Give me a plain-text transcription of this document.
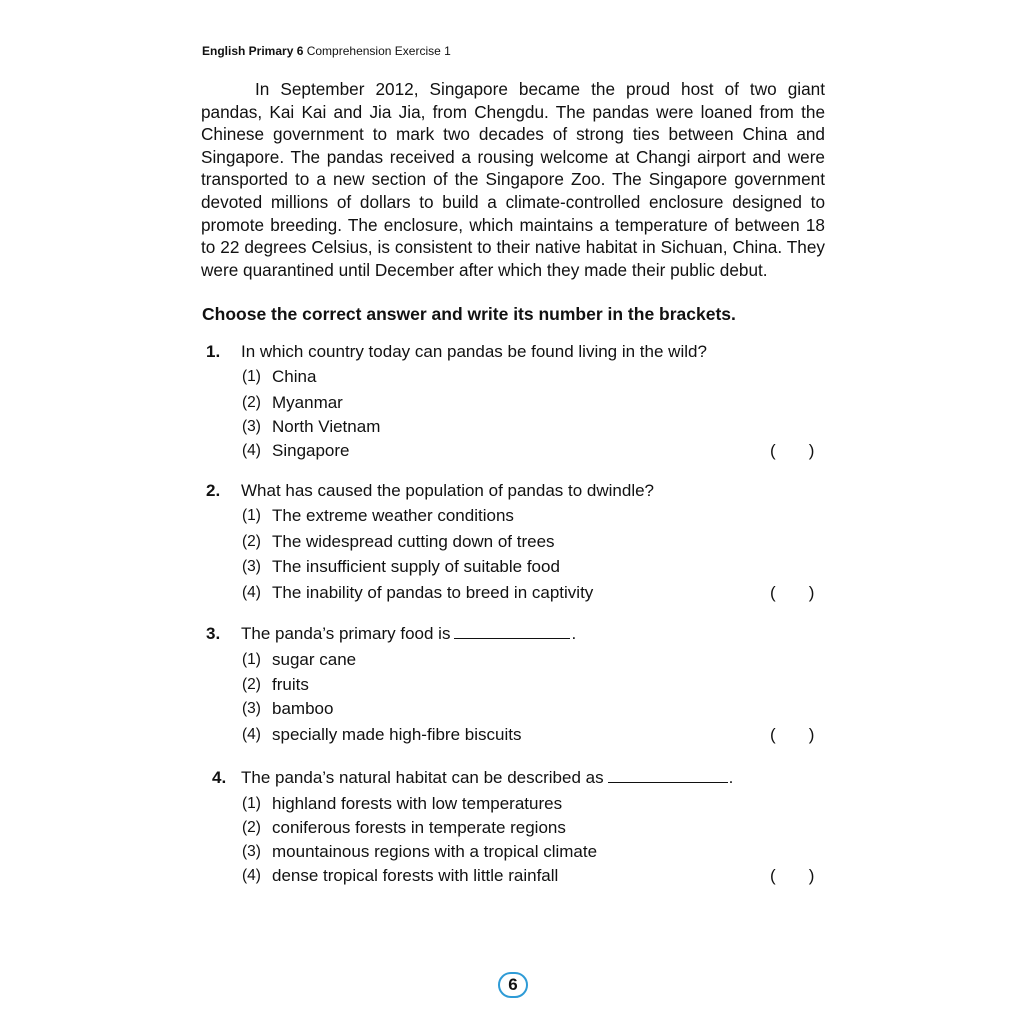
English Primary 6 Comprehension Exercise 1

In September 2012, Singapore became the proud host of two giant pandas, Kai Kai and Jia Jia, from Chengdu. The pandas were loaned from the Chinese government to mark two decades of strong ties between China and Singapore. The pandas received a rousing welcome at Changi airport and were transported to a new section of the Singapore Zoo. The Singapore government devoted millions of dollars to build a climate-controlled enclosure designed to promote breeding. The enclosure, which maintains a temperature of between 18 to 22 degrees Celsius, is consistent to their native habitat in Sichuan, China. They were quarantined until December after which they made their public debut.

Choose the correct answer and write its number in the brackets.

1.	In which country today can pandas be found living in the wild?
(1) China
(2) Myanmar
(3) North Vietnam
(4) Singapore	(       )
2.	What has caused the population of pandas to dwindle?
(1) The extreme weather conditions
(2) The widespread cutting down of trees
(3) The insufficient supply of suitable food
(4) The inability of pandas to breed in captivity	(       )
3.	The panda’s primary food is	.
(1) sugar cane
(2) fruits
(3) bamboo
(4) specially made high-fibre biscuits	(       )
4. The panda’s natural habitat can be described as	.
(1) highland forests with low temperatures
(2) coniferous forests in temperate regions
(3) mountainous regions with a tropical climate
(4) dense tropical forests with little rainfall	(       )
6
